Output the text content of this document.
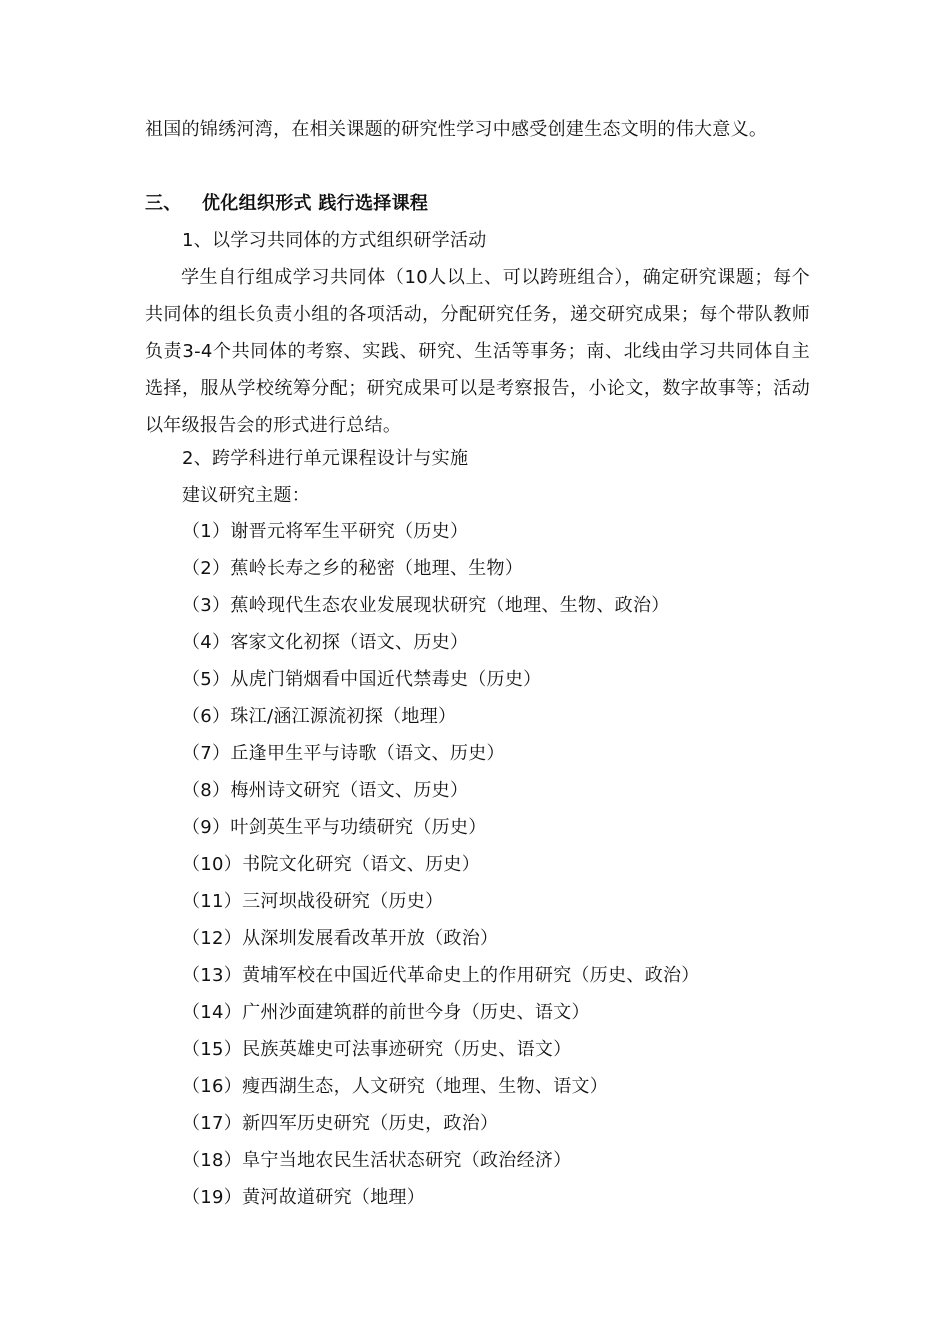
祖国的锦绣河湾，在相关课题的研究性学习中感受创建生态文明的伟大意义。
三、 优化组织形式 践行选择课程
1、以学习共同体的方式组织研学活动
学生自行组成学习共同体（10人以上、可以跨班组合），确定研究课题；每个共同体的组长负责小组的各项活动，分配研究任务，递交研究成果；每个带队教师负责3-4个共同体的考察、实践、研究、生活等事务；南、北线由学习共同体自主选择，服从学校统筹分配；研究成果可以是考察报告，小论文，数字故事等；活动以年级报告会的形式进行总结。
2、跨学科进行单元课程设计与实施
建议研究主题：
（1）谢晋元将军生平研究（历史）
（2）蕉岭长寿之乡的秘密（地理、生物）
（3）蕉岭现代生态农业发展现状研究（地理、生物、政治）
（4）客家文化初探（语文、历史）
（5）从虎门销烟看中国近代禁毒史（历史）
（6）珠江/涵江源流初探（地理）
（7）丘逢甲生平与诗歌（语文、历史）
（8）梅州诗文研究（语文、历史）
（9）叶剑英生平与功绩研究（历史）
（10）书院文化研究（语文、历史）
（11）三河坝战役研究（历史）
（12）从深圳发展看改革开放（政治）
（13）黄埔军校在中国近代革命史上的作用研究（历史、政治）
（14）广州沙面建筑群的前世今身（历史、语文）
（15）民族英雄史可法事迹研究（历史、语文）
（16）瘦西湖生态，人文研究（地理、生物、语文）
（17）新四军历史研究（历史，政治）
（18）阜宁当地农民生活状态研究（政治经济）
（19）黄河故道研究（地理）
